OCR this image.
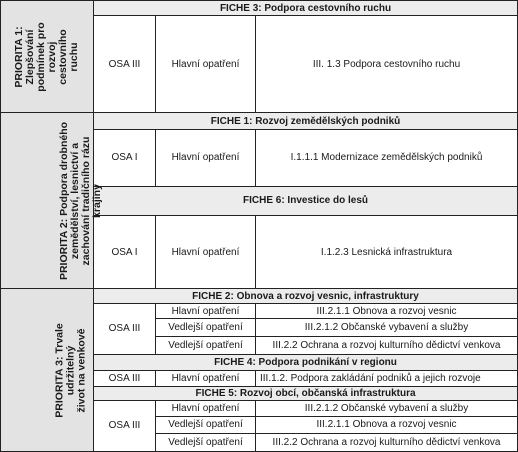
PRIORITA 1:
Zlepšování
podmínek pro
rozvoj cestovního
ruchu	FICHE 3: Podpora cestovního ruchu		
	OSA III	Hlavní opatření	III. 1.3 Podpora cestovního ruchu

PRIORITA 2: Podpora drobného
zemědělství, lesnictví a
zachování tradičního rázu
krajiny	FICHE 1: Rozvoj zemědělských podniků		
	OSA I	Hlavní opatření	I.1.1.1 Modernizace zemědělských podniků
	FICHE 6: Investice do lesů		
	OSA I	Hlavní opatření	I.1.2.3 Lesnická infrastruktura

PRIORITA 3: Trvale udržitelný
život na venkově	FICHE 2: Obnova a rozvoj vesnic, infrastruktury		
	OSA III	Hlavní opatření	III.2.1.1 Obnova a rozvoj vesnic
		Vedlejší opatření	III.2.1.2 Občanské vybavení a služby
		Vedlejší opatření	III.2.2 Ochrana a rozvoj kulturního dědictví venkova
	FICHE 4: Podpora podnikání v regionu		
	OSA III	Hlavní opatření	III.1.2. Podpora zakládání podniků a jejich rozvoje
	FICHE 5: Rozvoj obcí, občanská infrastruktura		
	OSA III	Hlavní opatření	III.2.1.2 Občanské vybavení a služby
		Vedlejší opatření	III.2.1.1 Obnova a rozvoj vesnic
		Vedlejší opatření	III.2.2 Ochrana a rozvoj kulturního dědictví venkova
